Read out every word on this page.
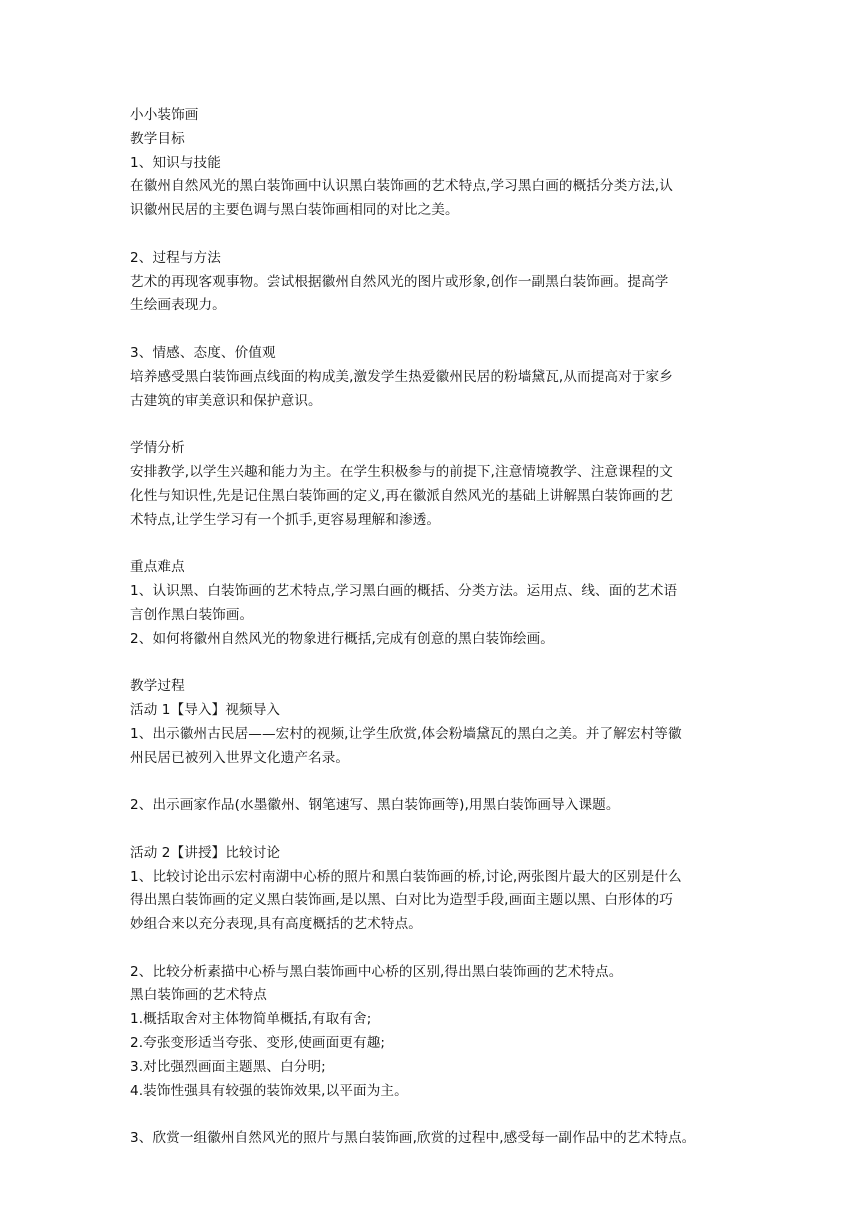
小小装饰画
教学目标
1、知识与技能
在徽州自然风光的黑白装饰画中认识黑白装饰画的艺术特点,学习黑白画的概括分类方法,认
识徽州民居的主要色调与黑白装饰画相同的对比之美。
2、过程与方法
艺术的再现客观事物。尝试根据徽州自然风光的图片或形象,创作一副黑白装饰画。提高学
生绘画表现力。
3、情感、态度、价值观
培养感受黑白装饰画点线面的构成美,激发学生热爱徽州民居的粉墙黛瓦,从而提高对于家乡
古建筑的审美意识和保护意识。
学情分析
安排教学,以学生兴趣和能力为主。在学生积极参与的前提下,注意情境教学、注意课程的文
化性与知识性,先是记住黑白装饰画的定义,再在徽派自然风光的基础上讲解黑白装饰画的艺
术特点,让学生学习有一个抓手,更容易理解和渗透。
重点难点
1、认识黑、白装饰画的艺术特点,学习黑白画的概括、分类方法。运用点、线、面的艺术语
言创作黑白装饰画。
2、如何将徽州自然风光的物象进行概括,完成有创意的黑白装饰绘画。
教学过程
活动 1【导入】视频导入
1、出示徽州古民居——宏村的视频,让学生欣赏,体会粉墙黛瓦的黑白之美。并了解宏村等徽
州民居已被列入世界文化遗产名录。
2、出示画家作品(水墨徽州、钢笔速写、黑白装饰画等),用黑白装饰画导入课题。
活动 2【讲授】比较讨论
1、比较讨论出示宏村南湖中心桥的照片和黑白装饰画的桥,讨论,两张图片最大的区别是什么
得出黑白装饰画的定义黑白装饰画,是以黑、白对比为造型手段,画面主题以黑、白形体的巧
妙组合来以充分表现,具有高度概括的艺术特点。
2、比较分析素描中心桥与黑白装饰画中心桥的区别,得出黑白装饰画的艺术特点。
黑白装饰画的艺术特点
1.概括取舍对主体物简单概括,有取有舍;
2.夸张变形适当夸张、变形,使画面更有趣;
3.对比强烈画面主题黑、白分明;
4.装饰性强具有较强的装饰效果,以平面为主。
3、欣赏一组徽州自然风光的照片与黑白装饰画,欣赏的过程中,感受每一副作品中的艺术特点。
